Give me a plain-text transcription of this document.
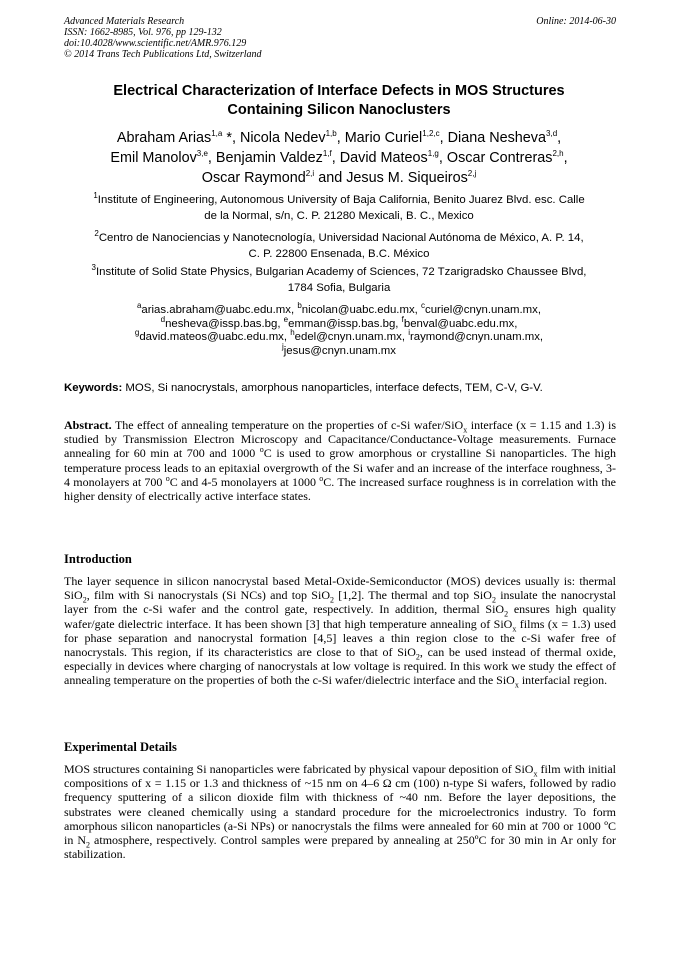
Advanced Materials Research
ISSN: 1662-8985, Vol. 976, pp 129-132
doi:10.4028/www.scientific.net/AMR.976.129
© 2014 Trans Tech Publications Ltd, Switzerland
Online: 2014-06-30
Electrical Characterization of Interface Defects in MOS Structures
Containing Silicon Nanoclusters
Abraham Arias$^{1,a}$ *, Nicola Nedev$^{1,b}$, Mario Curiel$^{1,2,c}$, Diana Nesheva$^{3,d}$,
Emil Manolov$^{3,e}$, Benjamin Valdez$^{1,f}$, David Mateos$^{1,g}$, Oscar Contreras$^{2,h}$,
Oscar Raymond$^{2,i}$ and Jesus M. Siqueiros$^{2,j}$
$^1$Institute of Engineering, Autonomous University of Baja California, Benito Juarez Blvd. esc. Calle
de la Normal, s/n, C. P. 21280 Mexicali, B. C., Mexico
$^2$Centro de Nanociencias y Nanotecnología, Universidad Nacional Autónoma de México, A. P. 14,
C. P. 22800 Ensenada, B.C. México
$^3$Institute of Solid State Physics, Bulgarian Academy of Sciences, 72 Tzarigradsko Chaussee Blvd,
1784 Sofia, Bulgaria
$^a$arias.abraham@uabc.edu.mx, $^b$nicolan@uabc.edu.mx, $^c$curiel@cnyn.unam.mx,
$^d$nesheva@issp.bas.bg, $^e$emman@issp.bas.bg, $^f$benval@uabc.edu.mx,
$^g$david.mateos@uabc.edu.mx, $^h$edel@cnyn.unam.mx, $^i$raymond@cnyn.unam.mx,
$^j$jesus@cnyn.unam.mx
Keywords: MOS, Si nanocrystals, amorphous nanoparticles, interface defects, TEM, C-V, G-V.
Abstract. The effect of annealing temperature on the properties of c-Si wafer/SiO$_x$ interface (x = 1.15 and 1.3) is studied by Transmission Electron Microscopy and Capacitance/Conductance-Voltage measurements. Furnace annealing for 60 min at 700 and 1000 $^o$C is used to grow amorphous or crystalline Si nanoparticles. The high temperature process leads to an epitaxial overgrowth of the Si wafer and an increase of the interface roughness, 3-4 monolayers at 700 $^o$C and 4-5 monolayers at 1000 $^o$C. The increased surface roughness is in correlation with the higher density of electrically active interface states.
Introduction
The layer sequence in silicon nanocrystal based Metal-Oxide-Semiconductor (MOS) devices usually is: thermal SiO$_2$, film with Si nanocrystals (Si NCs) and top SiO$_2$ [1,2]. The thermal and top SiO$_2$ insulate the nanocrystal layer from the c-Si wafer and the control gate, respectively. In addition, thermal SiO$_2$ ensures high quality wafer/gate dielectric interface. It has been shown [3] that high temperature annealing of SiO$_x$ films (x = 1.3) used for phase separation and nanocrystal formation [4,5] leaves a thin region close to the c-Si wafer free of nanocrystals. This region, if its characteristics are close to that of SiO$_2$, can be used instead of thermal oxide, especially in devices where charging of nanocrystals at low voltage is required. In this work we study the effect of annealing temperature on the properties of both the c-Si wafer/dielectric interface and the SiO$_x$ interfacial region.
Experimental Details
MOS structures containing Si nanoparticles were fabricated by physical vapour deposition of SiO$_x$ film with initial compositions of x = 1.15 or 1.3 and thickness of ~15 nm on 4–6 Ω cm (100) n-type Si wafers, followed by radio frequency sputtering of a silicon dioxide film with thickness of ~40 nm. Before the layer depositions, the substrates were cleaned chemically using a standard procedure for the microelectronics industry. To form amorphous silicon nanoparticles (a-Si NPs) or nanocrystals the films were annealed for 60 min at 700 or 1000 ºC in $N_2$ atmosphere, respectively. Control samples were prepared by annealing at 250ºC for 30 min in Ar only for stabilization.
